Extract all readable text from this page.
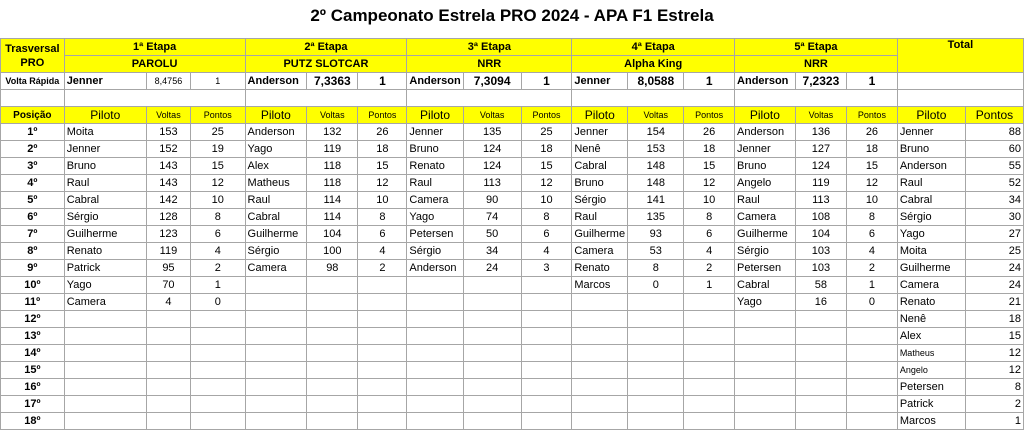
2º Campeonato Estrela PRO 2024 - APA F1 Estrela
Trasversal
PRO	1ª Etapa			2ª Etapa			3ª Etapa			4ª Etapa			5ª Etapa			Total	
	PAROLU			PUTZ SLOTCAR			NRR			Alpha King			NRR				
Volta Rápida	Jenner	8,4756	1	Anderson	7,3363	1	Anderson	7,3094	1	Jenner	8,0588	1	Anderson	7,2323	1		

Posição	Piloto	Voltas	Pontos	Piloto	Voltas	Pontos	Piloto	Voltas	Pontos	Piloto	Voltas	Pontos	Piloto	Voltas	Pontos	Piloto	Pontos
1º	Moita	153	25	Anderson	132	26	Jenner	135	25	Jenner	154	26	Anderson	136	26	Jenner	88
2º	Jenner	152	19	Yago	119	18	Bruno	124	18	Nenê	153	18	Jenner	127	18	Bruno	60
3º	Bruno	143	15	Alex	118	15	Renato	124	15	Cabral	148	15	Bruno	124	15	Anderson	55
4º	Raul	143	12	Matheus	118	12	Raul	113	12	Bruno	148	12	Angelo	119	12	Raul	52
5º	Cabral	142	10	Raul	114	10	Camera	90	10	Sérgio	141	10	Raul	113	10	Cabral	34
6º	Sérgio	128	8	Cabral	114	8	Yago	74	8	Raul	135	8	Camera	108	8	Sérgio	30
7º	Guilherme	123	6	Guilherme	104	6	Petersen	50	6	Guilherme	93	6	Guilherme	104	6	Yago	27
8º	Renato	119	4	Sérgio	100	4	Sérgio	34	4	Camera	53	4	Sérgio	103	4	Moita	25
9º	Patrick	95	2	Camera	98	2	Anderson	24	3	Renato	8	2	Petersen	103	2	Guilherme	24
10º	Yago	70	1							Marcos	0	1	Cabral	58	1	Camera	24
11º	Camera	4	0										Yago	16	0	Renato	21
12º																Nenê	18
13º																Alex	15
14º																Matheus	12
15º																Angelo	12
16º																Petersen	8
17º																Patrick	2
18º																Marcos	1
